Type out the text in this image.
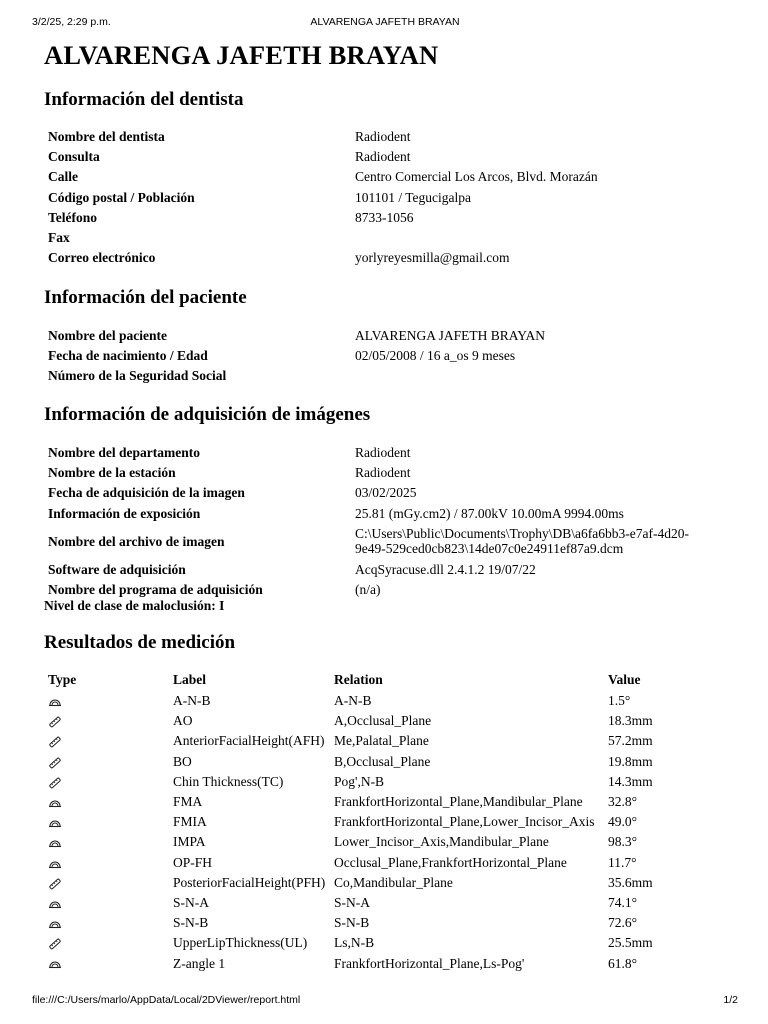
3/2/25, 2:29 p.m.	ALVARENGA JAFETH BRAYAN
ALVARENGA JAFETH BRAYAN
Información del dentista
Nombre del dentista	Radiodent
Consulta	Radiodent
Calle	Centro Comercial Los Arcos, Blvd. Morazán
Código postal / Población	101101 / Tegucigalpa
Teléfono	8733-1056
Fax	
Correo electrónico	yorlyreyesmilla@gmail.com
Información del paciente
Nombre del paciente	ALVARENGA JAFETH BRAYAN
Fecha de nacimiento / Edad	02/05/2008 / 16 a_os 9 meses
Número de la Seguridad Social	
Información de adquisición de imágenes
Nombre del departamento	Radiodent
Nombre de la estación	Radiodent
Fecha de adquisición de la imagen	03/02/2025
Información de exposición	25.81 (mGy.cm2) / 87.00kV 10.00mA 9994.00ms
Nombre del archivo de imagen	C:\Users\Public\Documents\Trophy\DB\a6fa6bb3-e7af-4d20-
9e49-529ced0cb823\14de07c0e24911ef87a9.dcm

Software de adquisición	AcqSyracuse.dll 2.4.1.2 19/07/22
Nombre del programa de adquisición	(n/a)
Nivel de clase de maloclusión: I
Resultados de medición
Type	Label	Relation	Value
	A-N-B	A-N-B	1.5°
	AO	A,Occlusal_Plane	18.3mm
	AnteriorFacialHeight(AFH)	Me,Palatal_Plane	57.2mm
	BO	B,Occlusal_Plane	19.8mm
	Chin Thickness(TC)	Pog',N-B	14.3mm
	FMA	FrankfortHorizontal_Plane,Mandibular_Plane	32.8°
	FMIA	FrankfortHorizontal_Plane,Lower_Incisor_Axis	49.0°
	IMPA	Lower_Incisor_Axis,Mandibular_Plane	98.3°
	OP-FH	Occlusal_Plane,FrankfortHorizontal_Plane	11.7°
	PosteriorFacialHeight(PFH)	Co,Mandibular_Plane	35.6mm
	S-N-A	S-N-A	74.1°
	S-N-B	S-N-B	72.6°
	UpperLipThickness(UL)	Ls,N-B	25.5mm
	Z-angle 1	FrankfortHorizontal_Plane,Ls-Pog'	61.8°
file:///C:/Users/marlo/AppData/Local/2DViewer/report.html	1/2
